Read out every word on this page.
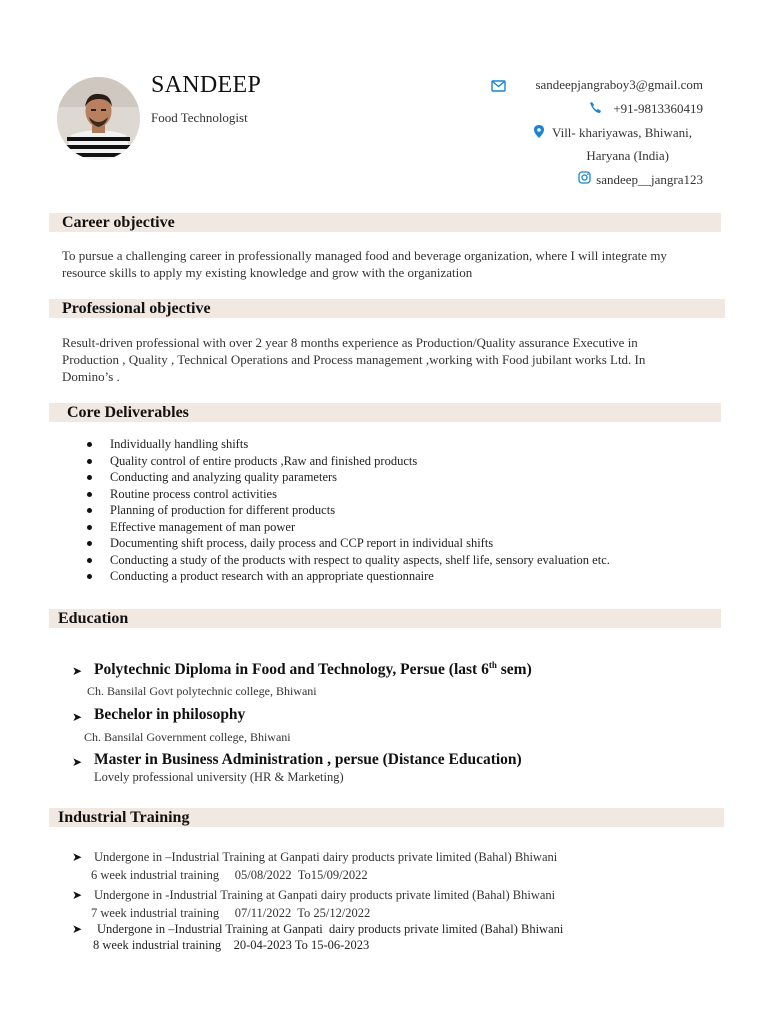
SANDEEP
Food Technologist
sandeepjangraboy3@gmail.com
+91-9813360419
Vill- khariyawas, Bhiwani,
Haryana (India)
sandeep__jangra123
Career objective
To pursue a challenging career in professionally managed food and beverage organization, where I will integrate my resource skills to apply my existing knowledge and grow with the organization
Professional objective
Result-driven professional with over 2 year 8 months experience as Production/Quality assurance Executive in Production , Quality , Technical Operations and Process management ,working with Food jubilant works Ltd. In Domino’s .
Core Deliverables
Individually handling shifts
Quality control of entire products ,Raw and finished products
Conducting and analyzing quality parameters
Routine process control activities
Planning of production for different products
Effective management of man power
Documenting shift process, daily process and CCP report in individual shifts
Conducting a study of the products with respect to quality aspects, shelf life, sensory evaluation etc.
Conducting a product research with an appropriate questionnaire
Education
➤ Polytechnic Diploma in Food and Technology, Persue (last 6th sem)
Ch. Bansilal Govt polytechnic college, Bhiwani
➤ Bechelor in philosophy
Ch. Bansilal Government college, Bhiwani
➤ Master in Business Administration , persue (Distance Education)
Lovely professional university (HR & Marketing)
Industrial Training
➤ Undergone in –Industrial Training at Ganpati dairy products private limited (Bahal) Bhiwani
6 week industrial training     05/08/2022  To15/09/2022
➤ Undergone in -Industrial Training at Ganpati dairy products private limited (Bahal) Bhiwani
7 week industrial training     07/11/2022  To 25/12/2022
➤ Undergone in –Industrial Training at Ganpati  dairy products private limited (Bahal) Bhiwani
8 week industrial training    20-04-2023 To 15-06-2023
